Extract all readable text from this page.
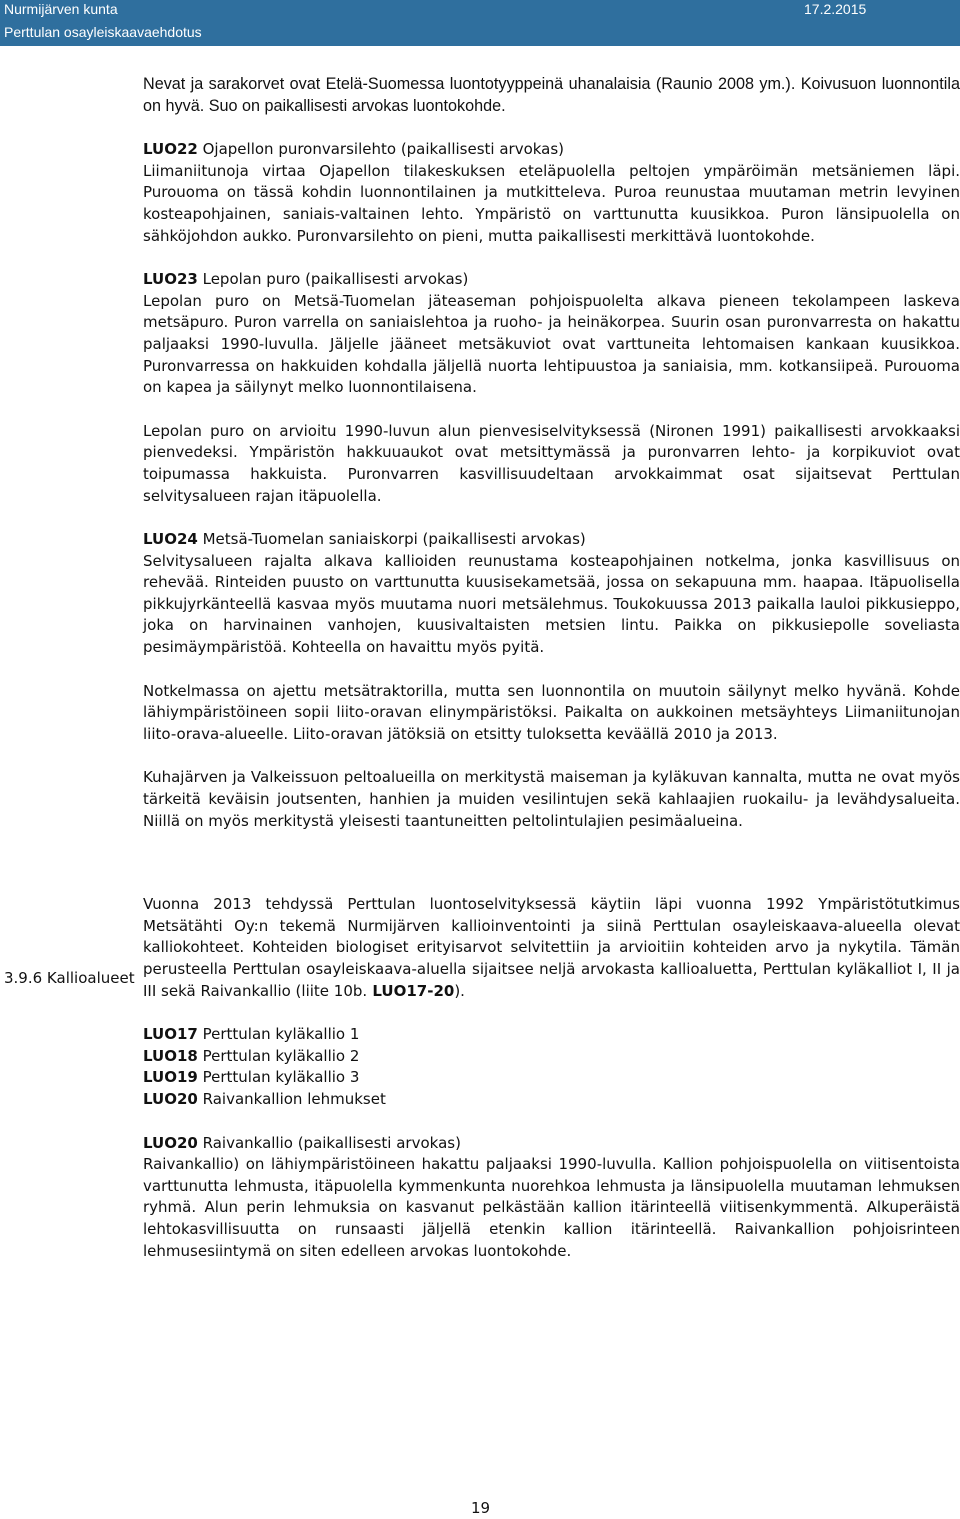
Nurmijärven kunta
Perttulan osayleiskaavaehdotus
17.2.2015

Nevat ja sarakorvet ovat Etelä-Suomessa luontotyyppeinä uhanalaisia (Raunio 2008 ym.). Koivusuon luonnontila on hyvä. Suo on paikallisesti arvokas luontokohde.

LUO22 Ojapellon puronvarsilehto (paikallisesti arvokas)
Liimaniitunoja virtaa Ojapellon tilakeskuksen eteläpuolella peltojen ympäröimän metsäniemen läpi. Purouoma on tässä kohdin luonnontilainen ja mutkitteleva. Puroa reunustaa muutaman metrin levyinen kosteapohjainen, saniais-valtainen lehto. Ympäristö on varttunutta kuusikkoa. Puron länsipuolella on sähköjohdon aukko. Puronvarsilehto on pieni, mutta paikallisesti merkittävä luontokohde.

LUO23 Lepolan puro (paikallisesti arvokas)
Lepolan puro on Metsä-Tuomelan jäteaseman pohjoispuolelta alkava pieneen tekolampeen laskeva metsäpuro. Puron varrella on saniaislehtoa ja ruoho- ja heinäkorpea. Suurin osan puronvarresta on hakattu paljaaksi 1990-luvulla. Jäljelle jääneet metsäkuviot ovat varttuneita lehtomaisen kankaan kuusikkoa. Puronvarressa on hakkuiden kohdalla jäljellä nuorta lehtipuustoa ja saniaisia, mm. kotkansiipeä. Purouoma on kapea ja säilynyt melko luonnontilaisena.

Lepolan puro on arvioitu 1990-luvun alun pienvesiselvityksessä (Nironen 1991) paikallisesti arvokkaaksi pienvedeksi. Ympäristön hakkuuaukot ovat metsittymässä ja puronvarren lehto- ja korpikuviot ovat toipumassa hakkuista. Puronvarren kasvillisuudeltaan arvokkaimmat osat sijaitsevat Perttulan selvitysalueen rajan itäpuolella.

LUO24 Metsä-Tuomelan saniaiskorpi (paikallisesti arvokas)
Selvitysalueen rajalta alkava kallioiden reunustama kosteapohjainen notkelma, jonka kasvillisuus on rehevää. Rinteiden puusto on varttunutta kuusisekametsää, jossa on sekapuuna mm. haapaa. Itäpuolisella pikkujyrkänteellä kasvaa myös muutama nuori metsälehmus. Toukokuussa 2013 paikalla lauloi pikkusieppo, joka on harvinainen vanhojen, kuusivaltaisten metsien lintu. Paikka on pikkusiepolle soveliasta pesimäympäristöä. Kohteella on havaittu myös pyitä.

Notkelmassa on ajettu metsätraktorilla, mutta sen luonnontila on muutoin säilynyt melko hyvänä. Kohde lähiympäristöineen sopii liito-oravan elinympäristöksi. Paikalta on aukkoinen metsäyhteys Liimaniitunojan liito-orava-alueelle. Liito-oravan jätöksiä on etsitty tuloksetta keväällä 2010 ja 2013.

Kuhajärven ja Valkeissuon peltoalueilla on merkitystä maiseman ja kyläkuvan kannalta, mutta ne ovat myös tärkeitä keväisin joutsenten, hanhien ja muiden vesilintujen sekä kahlaajien ruokailu- ja levähdysalueita. Niillä on myös merkitystä yleisesti taantuneitten peltolintulajien pesimäalueina.

Vuonna 2013 tehdyssä Perttulan luontoselvityksessä käytiin läpi vuonna 1992 Ympäristötutkimus Metsätähti Oy:n tekemä Nurmijärven kallioinventointi ja siinä Perttulan osayleiskaava-alueella olevat kalliokohteet. Kohteiden biologiset erityisarvot selvitettiin ja arvioitiin kohteiden arvo ja nykytila. Tämän perusteella Perttulan osayleiskaava-aluella sijaitsee neljä arvokasta kallioaluetta, Perttulan kyläkalliot I, II ja III sekä Raivankallio (liite 10b. LUO17-20).

LUO17 Perttulan kyläkallio 1
LUO18 Perttulan kyläkallio 2
LUO19 Perttulan kyläkallio 3
LUO20 Raivankallion lehmukset

LUO20 Raivankallio (paikallisesti arvokas)
Raivankallio) on lähiympäristöineen hakattu paljaaksi 1990-luvulla. Kallion pohjoispuolella on viitisentoista varttunutta lehmusta, itäpuolella kymmenkunta nuorehkoa lehmusta ja länsipuolella muutaman lehmuksen ryhmä. Alun perin lehmuksia on kasvanut pelkästään kallion itärinteellä viitisenkymmentä. Alkuperäistä lehtokasvillisuutta on runsaasti jäljellä etenkin kallion itärinteellä. Raivankallion pohjoisrinteen lehmusesiintymä on siten edelleen arvokas luontokohde.

3.9.6 Kallioalueet
19
